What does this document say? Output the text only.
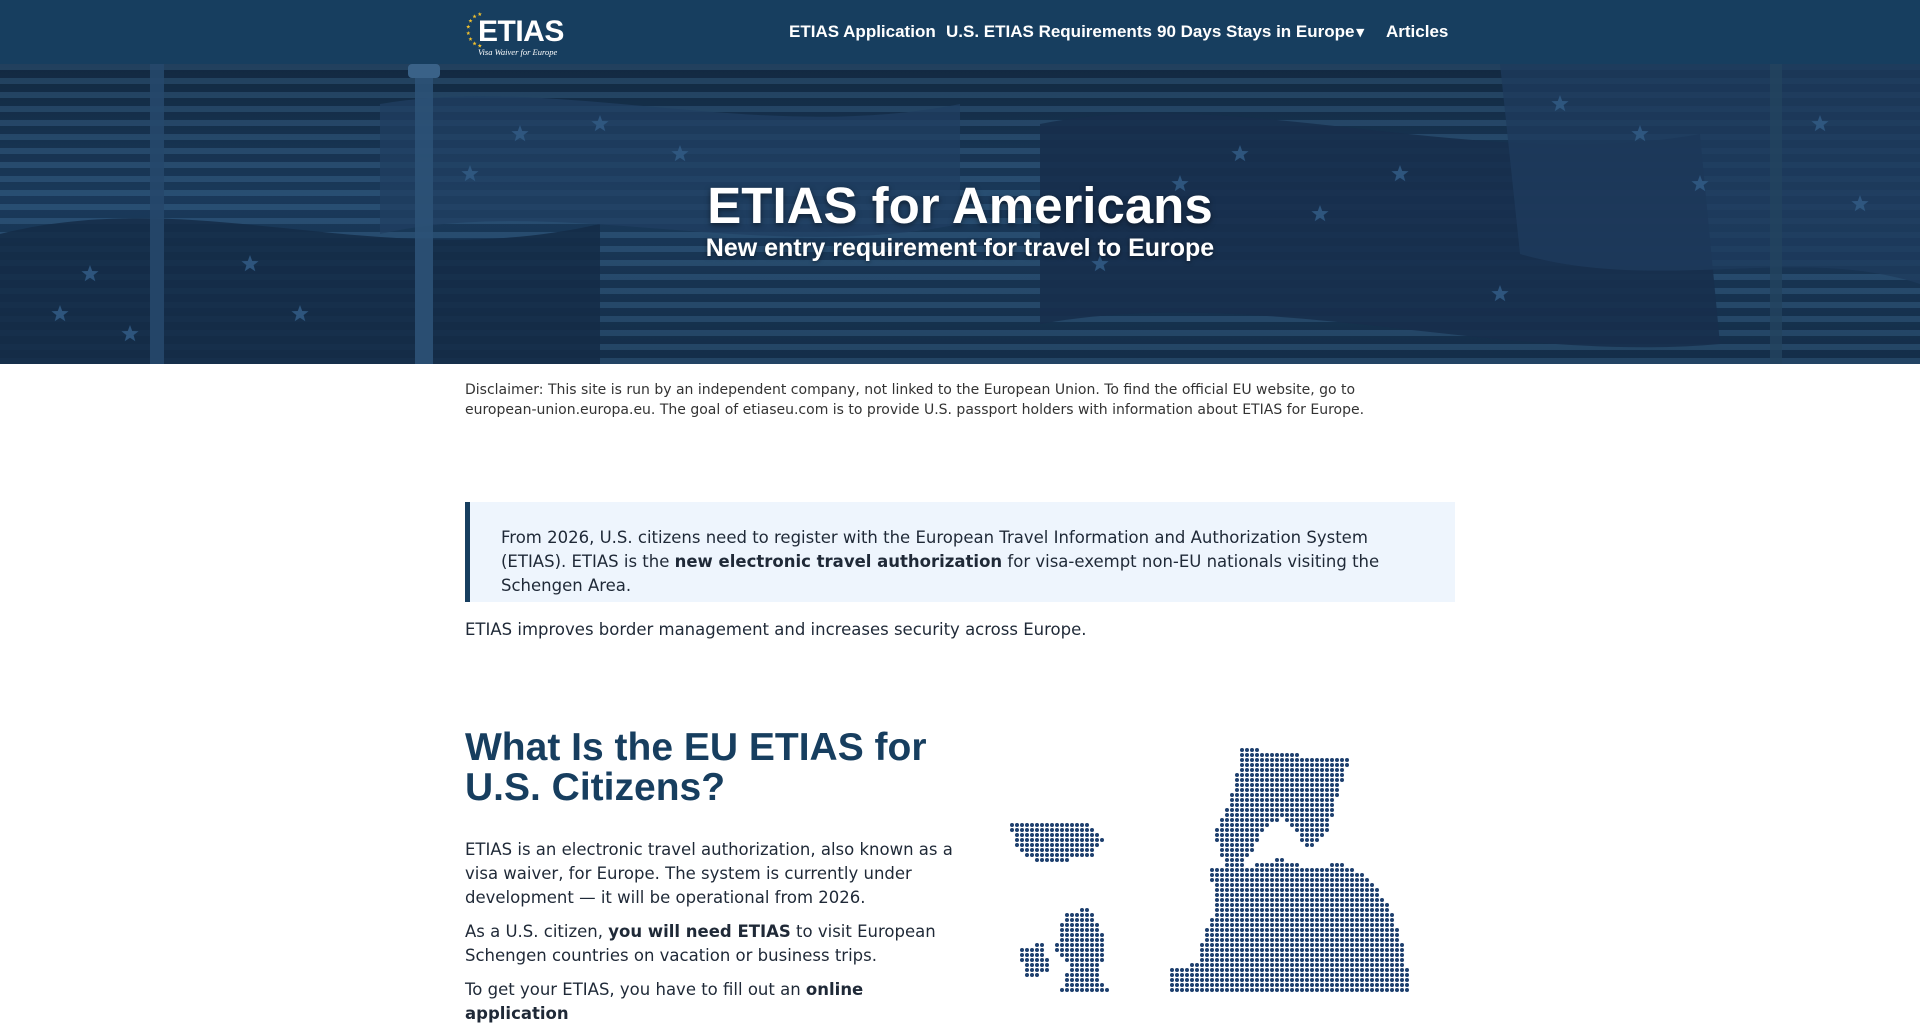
ETIAS
Visa Waiver for Europe
ETIAS Application U.S. ETIAS Requirements 90 Days Stays in Europe ▼ Articles
ETIAS for Americans
New entry requirement for travel to Europe

Disclaimer: This site is run by an independent company, not linked to the European Union. To find the official EU website, go to european-union.europa.eu. The goal of etiaseu.com is to provide U.S. passport holders with information about ETIAS for Europe.

From 2026, U.S. citizens need to register with the European Travel Information and Authorization System (ETIAS). ETIAS is the new electronic travel authorization for visa-exempt non-EU nationals visiting the Schengen Area.

ETIAS improves border management and increases security across Europe.

What Is the EU ETIAS for U.S. Citizens?

ETIAS is an electronic travel authorization, also known as a visa waiver, for Europe. The system is currently under development — it will be operational from 2026.

As a U.S. citizen, you will need ETIAS to visit European Schengen countries on vacation or business trips.

To get your ETIAS, you have to fill out an online application
